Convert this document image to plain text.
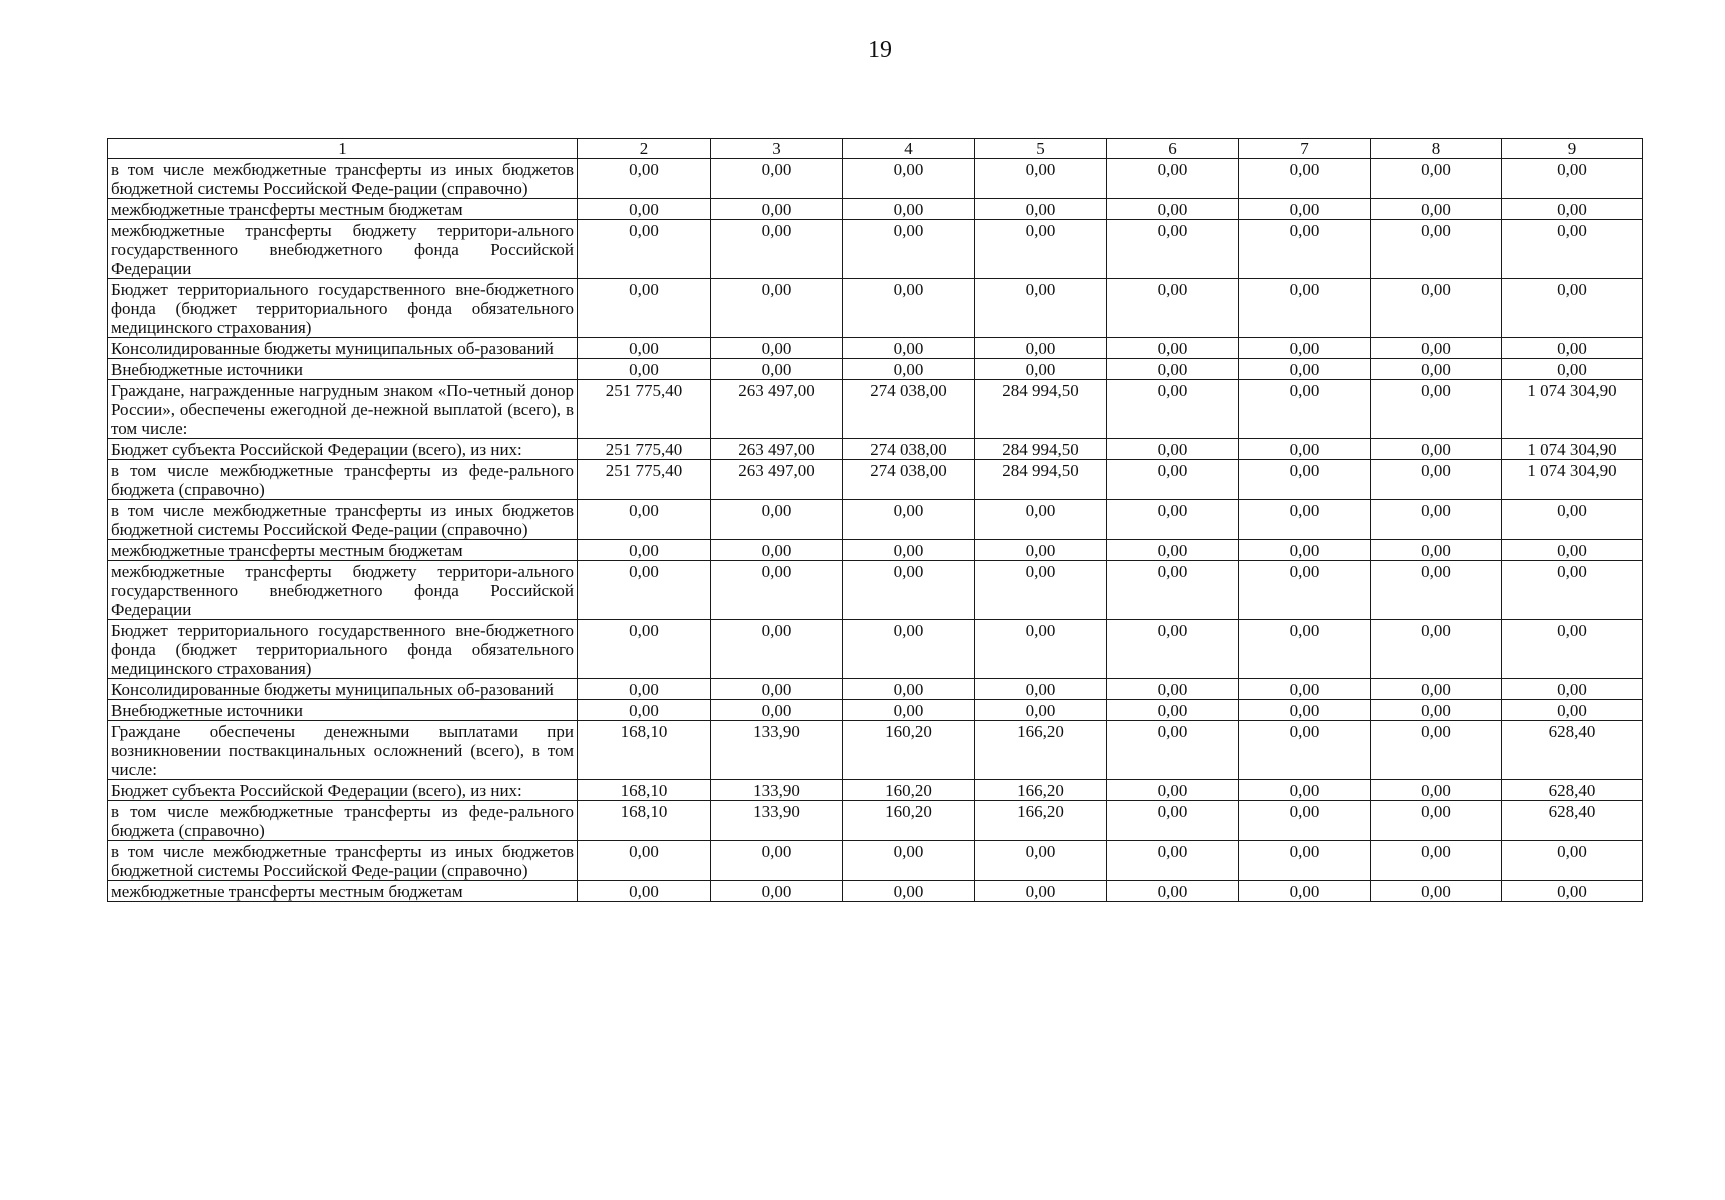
19
1	2	3	4	5	6	7	8	9
в том числе межбюджетные трансферты из иных бюджетов бюджетной системы Российской Феде-рации (справочно)	0,00	0,00	0,00	0,00	0,00	0,00	0,00	0,00
межбюджетные трансферты местным бюджетам	0,00	0,00	0,00	0,00	0,00	0,00	0,00	0,00
межбюджетные трансферты бюджету территори-ального государственного внебюджетного фонда Российской Федерации	0,00	0,00	0,00	0,00	0,00	0,00	0,00	0,00
Бюджет территориального государственного вне-бюджетного фонда (бюджет территориального фонда обязательного медицинского страхования)	0,00	0,00	0,00	0,00	0,00	0,00	0,00	0,00
Консолидированные бюджеты муниципальных об-разований	0,00	0,00	0,00	0,00	0,00	0,00	0,00	0,00
Внебюджетные источники	0,00	0,00	0,00	0,00	0,00	0,00	0,00	0,00
Граждане, награжденные нагрудным знаком «По-четный донор России», обеспечены ежегодной де-нежной выплатой (всего), в том числе:	251 775,40	263 497,00	274 038,00	284 994,50	0,00	0,00	0,00	1 074 304,90
Бюджет субъекта Российской Федерации (всего), из них:	251 775,40	263 497,00	274 038,00	284 994,50	0,00	0,00	0,00	1 074 304,90
в том числе межбюджетные трансферты из феде-рального бюджета (справочно)	251 775,40	263 497,00	274 038,00	284 994,50	0,00	0,00	0,00	1 074 304,90
в том числе межбюджетные трансферты из иных бюджетов бюджетной системы Российской Феде-рации (справочно)	0,00	0,00	0,00	0,00	0,00	0,00	0,00	0,00
межбюджетные трансферты местным бюджетам	0,00	0,00	0,00	0,00	0,00	0,00	0,00	0,00
межбюджетные трансферты бюджету территори-ального государственного внебюджетного фонда Российской Федерации	0,00	0,00	0,00	0,00	0,00	0,00	0,00	0,00
Бюджет территориального государственного вне-бюджетного фонда (бюджет территориального фонда обязательного медицинского страхования)	0,00	0,00	0,00	0,00	0,00	0,00	0,00	0,00
Консолидированные бюджеты муниципальных об-разований	0,00	0,00	0,00	0,00	0,00	0,00	0,00	0,00
Внебюджетные источники	0,00	0,00	0,00	0,00	0,00	0,00	0,00	0,00
Граждане обеспечены денежными выплатами при возникновении поствакцинальных осложнений (всего), в том числе:	168,10	133,90	160,20	166,20	0,00	0,00	0,00	628,40
Бюджет субъекта Российской Федерации (всего), из них:	168,10	133,90	160,20	166,20	0,00	0,00	0,00	628,40
в том числе межбюджетные трансферты из феде-рального бюджета (справочно)	168,10	133,90	160,20	166,20	0,00	0,00	0,00	628,40
в том числе межбюджетные трансферты из иных бюджетов бюджетной системы Российской Феде-рации (справочно)	0,00	0,00	0,00	0,00	0,00	0,00	0,00	0,00
межбюджетные трансферты местным бюджетам	0,00	0,00	0,00	0,00	0,00	0,00	0,00	0,00
